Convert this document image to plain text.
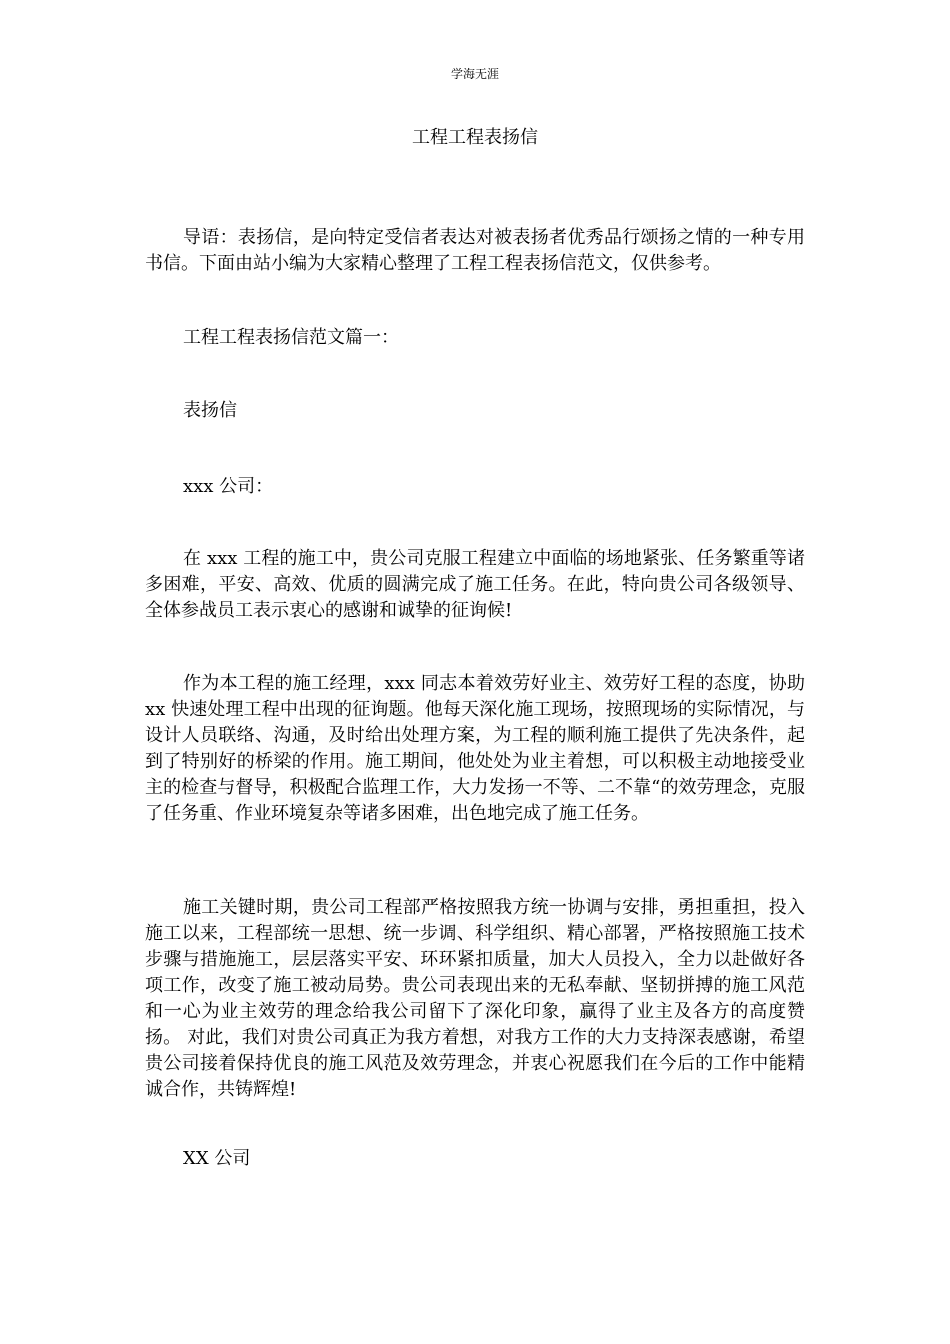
学海无涯
工程工程表扬信

导语：表扬信，是向特定受信者表达对被表扬者优秀品行颂扬之情的一种专用书信。下面由站小编为大家精心整理了工程工程表扬信范文，仅供参考。

工程工程表扬信范文篇一：

表扬信

xxx 公司：

在 xxx 工程的施工中，贵公司克服工程建立中面临的场地紧张、任务繁重等诸多困难，平安、高效、优质的圆满完成了施工任务。在此，特向贵公司各级领导、全体参战员工表示衷心的感谢和诚挚的征询候!

作为本工程的施工经理，xxx 同志本着效劳好业主、效劳好工程的态度，协助 xx 快速处理工程中出现的征询题。他每天深化施工现场，按照现场的实际情况，与设计人员联络、沟通，及时给出处理方案，为工程的顺利施工提供了先决条件，起到了特别好的桥梁的作用。施工期间，他处处为业主着想，可以积极主动地接受业主的检查与督导，积极配合监理工作，大力发扬一不等、二不靠“的效劳理念，克服了任务重、作业环境复杂等诸多困难，出色地完成了施工任务。

施工关键时期，贵公司工程部严格按照我方统一协调与安排，勇担重担，投入施工以来，工程部统一思想、统一步调、科学组织、精心部署，严格按照施工技术步骤与措施施工，层层落实平安、环环紧扣质量，加大人员投入，全力以赴做好各项工作，改变了施工被动局势。贵公司表现出来的无私奉献、坚韧拼搏的施工风范和一心为业主效劳的理念给我公司留下了深化印象，赢得了业主及各方的高度赞扬。 对此，我们对贵公司真正为我方着想，对我方工作的大力支持深表感谢，希望贵公司接着保持优良的施工风范及效劳理念，并衷心祝愿我们在今后的工作中能精诚合作，共铸辉煌!

XX 公司
